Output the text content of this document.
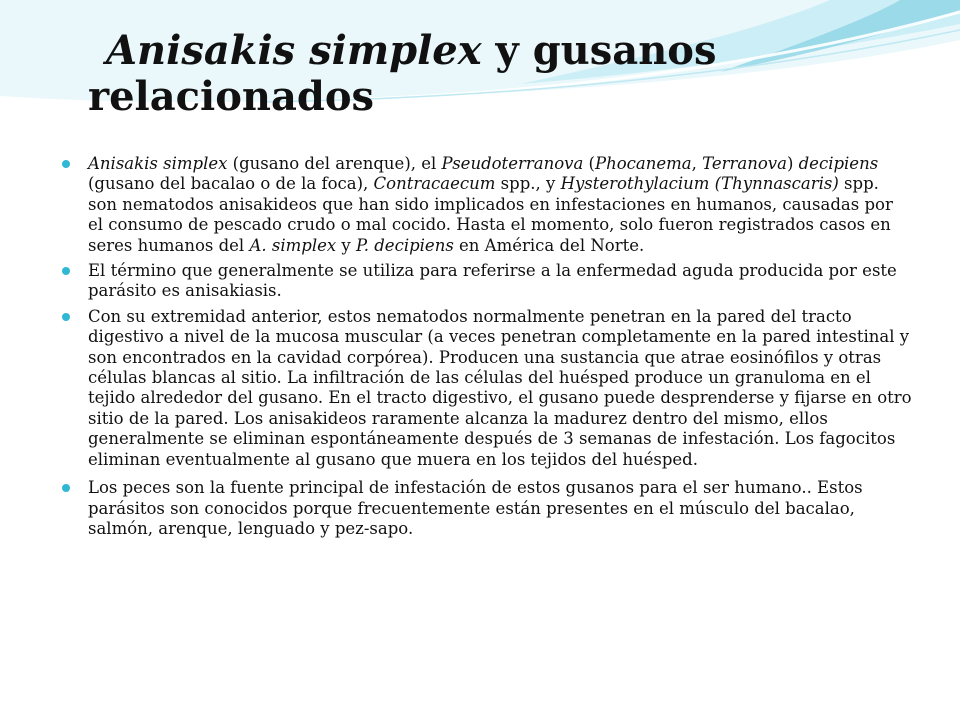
Anisakis simplex y gusanos
relacionados
Anisakis simplex (gusano del arenque), el Pseudoterranova (Phocanema, Terranova) decipiens (gusano del bacalao o de la foca), Contracaecum spp., y Hysterothylacium (Thynnascaris) spp. son nematodos anisakideos que han sido implicados en infestaciones en humanos, causadas por el consumo de pescado crudo o mal cocido. Hasta el momento, solo fueron registrados casos en seres humanos del A. simplex y P. decipiens en América del Norte.
El término que generalmente se utiliza para referirse a la enfermedad aguda producida por este parásito es anisakiasis.
Con su extremidad anterior, estos nematodos normalmente penetran en la pared del tracto digestivo a nivel de la mucosa muscular (a veces penetran completamente en la pared intestinal y son encontrados en la cavidad corpórea). Producen una sustancia que atrae eosinófilos y otras células blancas al sitio. La infiltración de las células del huésped produce un granuloma en el tejido alrededor del gusano. En el tracto digestivo, el gusano puede desprenderse y fijarse en otro sitio de la pared. Los anisakideos raramente alcanza la madurez dentro del mismo, ellos generalmente se eliminan espontáneamente después de 3 semanas de infestación. Los fagocitos eliminan eventualmente al gusano que muera en los tejidos del huésped.
Los peces son la fuente principal de infestación de estos gusanos para el ser humano.. Estos parásitos son conocidos porque frecuentemente están presentes en el músculo del bacalao, salmón, arenque, lenguado y pez-sapo.
